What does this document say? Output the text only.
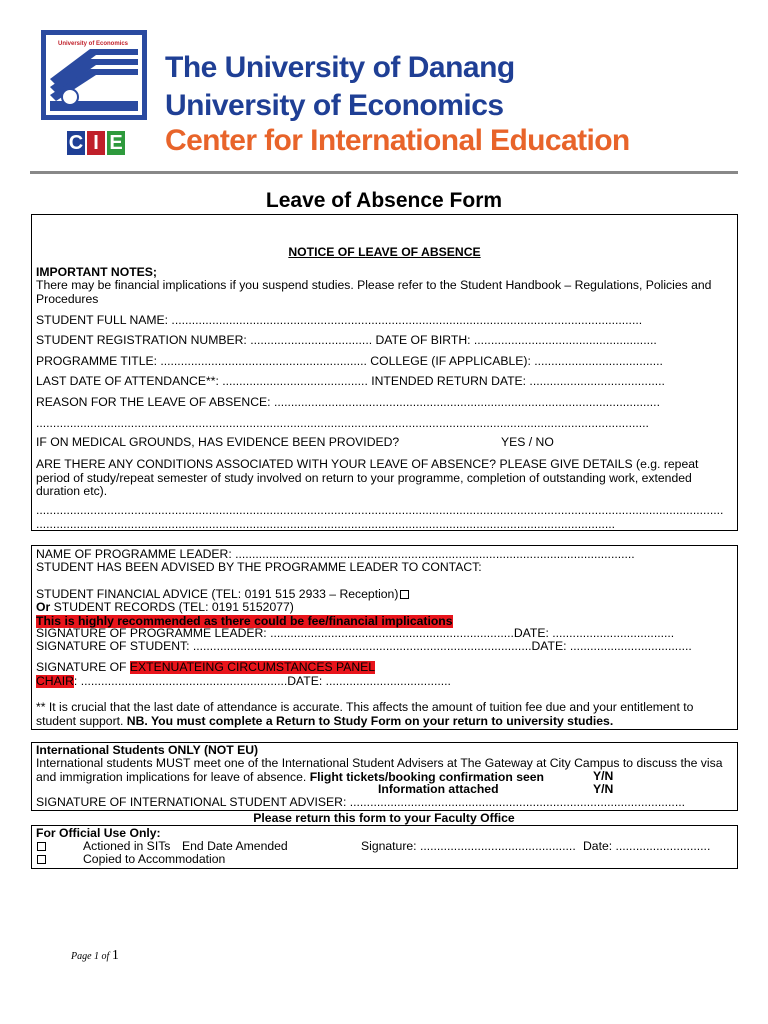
University of Economics
C I E
The University of Danang
University of Economics
Center for International Education
Leave of Absence Form
NOTICE OF LEAVE OF ABSENCE
IMPORTANT NOTES;
There may be financial implications if you suspend studies. Please refer to the Student Handbook – Regulations, Policies and Procedures
STUDENT FULL NAME: ...........................................................................................................................................
STUDENT REGISTRATION NUMBER: .................................... DATE OF BIRTH: ......................................................
PROGRAMME TITLE: ............................................................. COLLEGE (IF APPLICABLE): ......................................
LAST DATE OF ATTENDANCE**: ........................................... INTENDED RETURN DATE: ........................................
REASON FOR THE LEAVE OF ABSENCE: ..................................................................................................................
.....................................................................................................................................................................................
IF ON MEDICAL GROUNDS, HAS EVIDENCE BEEN PROVIDED?	YES / NO
ARE THERE ANY CONDITIONS ASSOCIATED WITH YOUR LEAVE OF ABSENCE? PLEASE GIVE DETAILS (e.g. repeat period of study/repeat semester of study involved on return to your programme, completion of outstanding work, extended duration etc).
...........................................................................................................................................................................................................
...........................................................................................................................................................................
NAME OF PROGRAMME LEADER: ......................................................................................................................
STUDENT HAS BEEN ADVISED BY THE PROGRAMME LEADER TO CONTACT:
STUDENT FINANCIAL ADVICE (TEL: 0191 515 2933 – Reception)
Or STUDENT RECORDS (TEL: 0191 5152077)
This is highly recommended as there could be fee/financial implications
SIGNATURE OF PROGRAMME LEADER: ........................................................................DATE: ....................................
SIGNATURE OF STUDENT: ....................................................................................................DATE: ....................................
SIGNATURE OF EXTENUATEING CIRCUMSTANCES PANEL
CHAIR: .............................................................DATE: .....................................
** It is crucial that the last date of attendance is accurate. This affects the amount of tuition fee due and your entitlement to student support. NB. You must complete a Return to Study Form on your return to university studies.
International Students ONLY (NOT EU)
International students MUST meet one of the International Student Advisers at The Gateway at City Campus to discuss the visa and immigration implications for leave of absence. Flight tickets/booking confirmation seen	Y/N
Information attached	Y/N
SIGNATURE OF INTERNATIONAL STUDENT ADVISER: ...................................................................................................
Please return this form to your Faculty Office
For Official Use Only:
Actioned in SITs End Date Amended	Signature: .............................................. Date: ............................
Copied to Accommodation
Page 1 of 1
